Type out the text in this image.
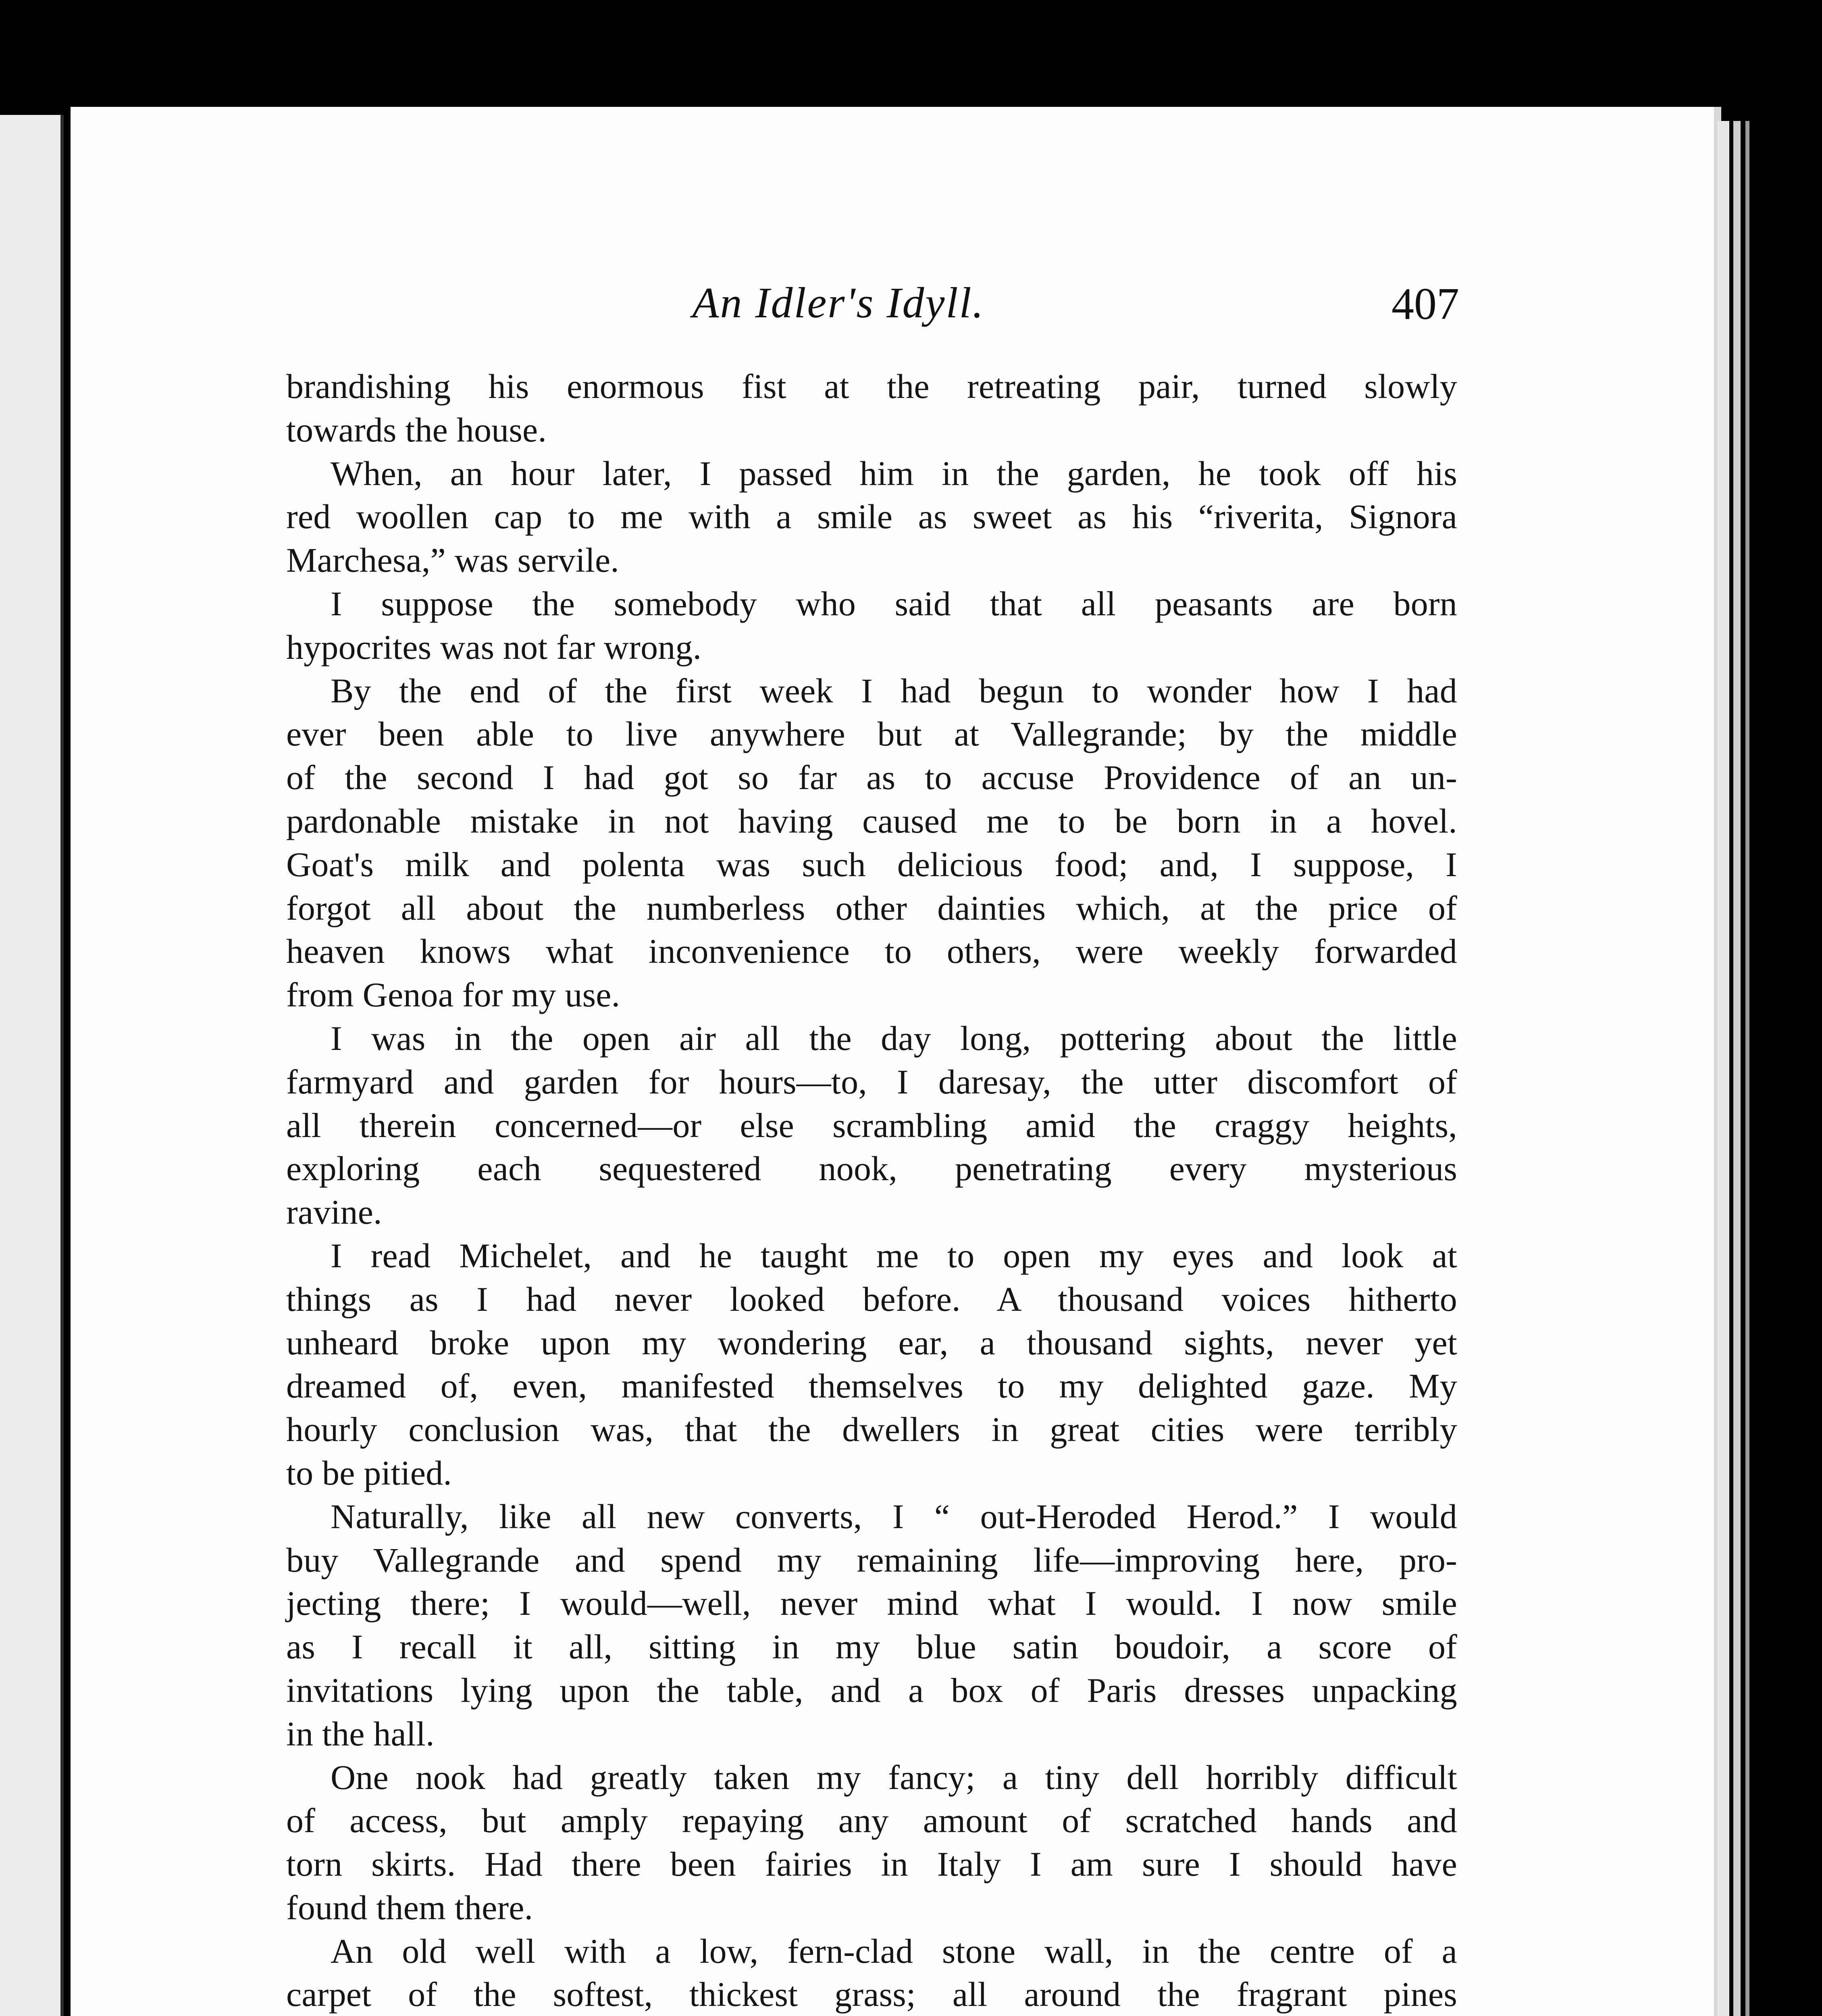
An Idler's Idyll.	407
brandishing his enormous fist at the retreating pair, turned slowly
towards the house.
When, an hour later, I passed him in the garden, he took off his
red woollen cap to me with a smile as sweet as his “riverita, Signora
Marchesa,” was servile.
I suppose the somebody who said that all peasants are born
hypocrites was not far wrong.
By the end of the first week I had begun to wonder how I had
ever been able to live anywhere but at Vallegrande; by the middle
of the second I had got so far as to accuse Providence of an un-
pardonable mistake in not having caused me to be born in a hovel.
Goat's milk and polenta was such delicious food; and, I suppose, I
forgot all about the numberless other dainties which, at the price of
heaven knows what inconvenience to others, were weekly forwarded
from Genoa for my use.
I was in the open air all the day long, pottering about the little
farmyard and garden for hours—to, I daresay, the utter discomfort of
all therein concerned—or else scrambling amid the craggy heights,
exploring each sequestered nook, penetrating every mysterious
ravine.
I read Michelet, and he taught me to open my eyes and look at
things as I had never looked before. A thousand voices hitherto
unheard broke upon my wondering ear, a thousand sights, never yet
dreamed of, even, manifested themselves to my delighted gaze. My
hourly conclusion was, that the dwellers in great cities were terribly
to be pitied.
Naturally, like all new converts, I “ out-Heroded Herod.” I would
buy Vallegrande and spend my remaining life—improving here, pro-
jecting there; I would—well, never mind what I would. I now smile
as I recall it all, sitting in my blue satin boudoir, a score of
invitations lying upon the table, and a box of Paris dresses unpacking
in the hall.
One nook had greatly taken my fancy; a tiny dell horribly difficult
of access, but amply repaying any amount of scratched hands and
torn skirts. Had there been fairies in Italy I am sure I should have
found them there.
An old well with a low, fern-clad stone wall, in the centre of a
carpet of the softest, thickest grass; all around the fragrant pines
